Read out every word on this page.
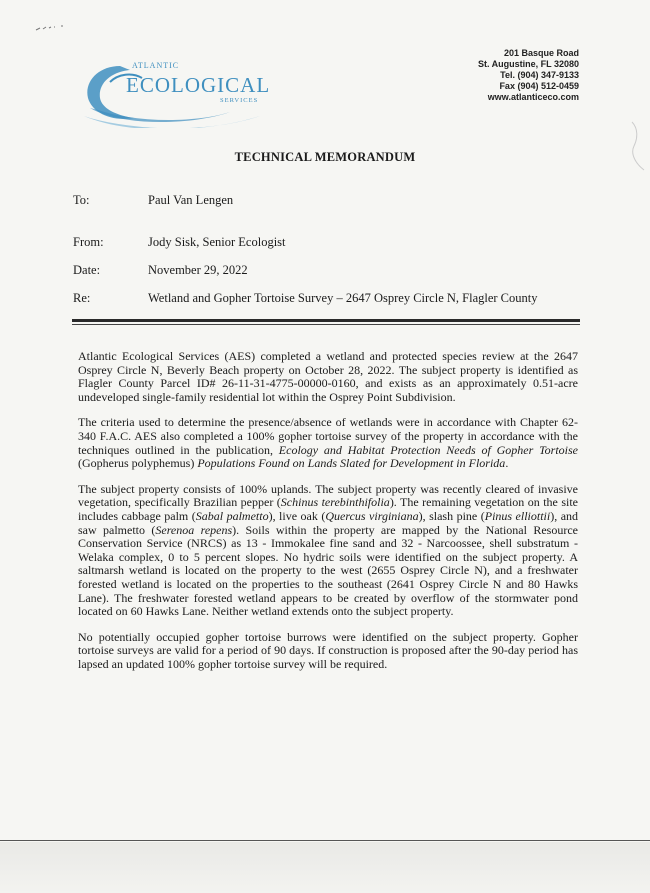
ATLANTIC
ECOLOGICAL
SERVICES
201 Basque Road
St. Augustine, FL 32080
Tel. (904) 347-9133
Fax (904) 512-0459
www.atlanticeco.com
TECHNICAL MEMORANDUM
To:	Paul Van Lengen
From:	Jody Sisk, Senior Ecologist
Date:	November 29, 2022
Re:	Wetland and Gopher Tortoise Survey – 2647 Osprey Circle N, Flagler County

Atlantic Ecological Services (AES) completed a wetland and protected species review at the 2647 Osprey Circle N, Beverly Beach property on October 28, 2022. The subject property is identified as Flagler County Parcel ID# 26-11-31-4775-00000-0160, and exists as an approximately 0.51-acre undeveloped single-family residential lot within the Osprey Point Subdivision.

The criteria used to determine the presence/absence of wetlands were in accordance with Chapter 62-340 F.A.C. AES also completed a 100% gopher tortoise survey of the property in accordance with the techniques outlined in the publication, Ecology and Habitat Protection Needs of Gopher Tortoise (Gopherus polyphemus) Populations Found on Lands Slated for Development in Florida.

The subject property consists of 100% uplands. The subject property was recently cleared of invasive vegetation, specifically Brazilian pepper (Schinus terebinthifolia). The remaining vegetation on the site includes cabbage palm (Sabal palmetto), live oak (Quercus virginiana), slash pine (Pinus elliottii), and saw palmetto (Serenoa repens). Soils within the property are mapped by the National Resource Conservation Service (NRCS) as 13 - Immokalee fine sand and 32 - Narcoossee, shell substratum - Welaka complex, 0 to 5 percent slopes. No hydric soils were identified on the subject property. A saltmarsh wetland is located on the property to the west (2655 Osprey Circle N), and a freshwater forested wetland is located on the properties to the southeast (2641 Osprey Circle N and 80 Hawks Lane). The freshwater forested wetland appears to be created by overflow of the stormwater pond located on 60 Hawks Lane. Neither wetland extends onto the subject property.

No potentially occupied gopher tortoise burrows were identified on the subject property. Gopher tortoise surveys are valid for a period of 90 days. If construction is proposed after the 90-day period has lapsed an updated 100% gopher tortoise survey will be required.
